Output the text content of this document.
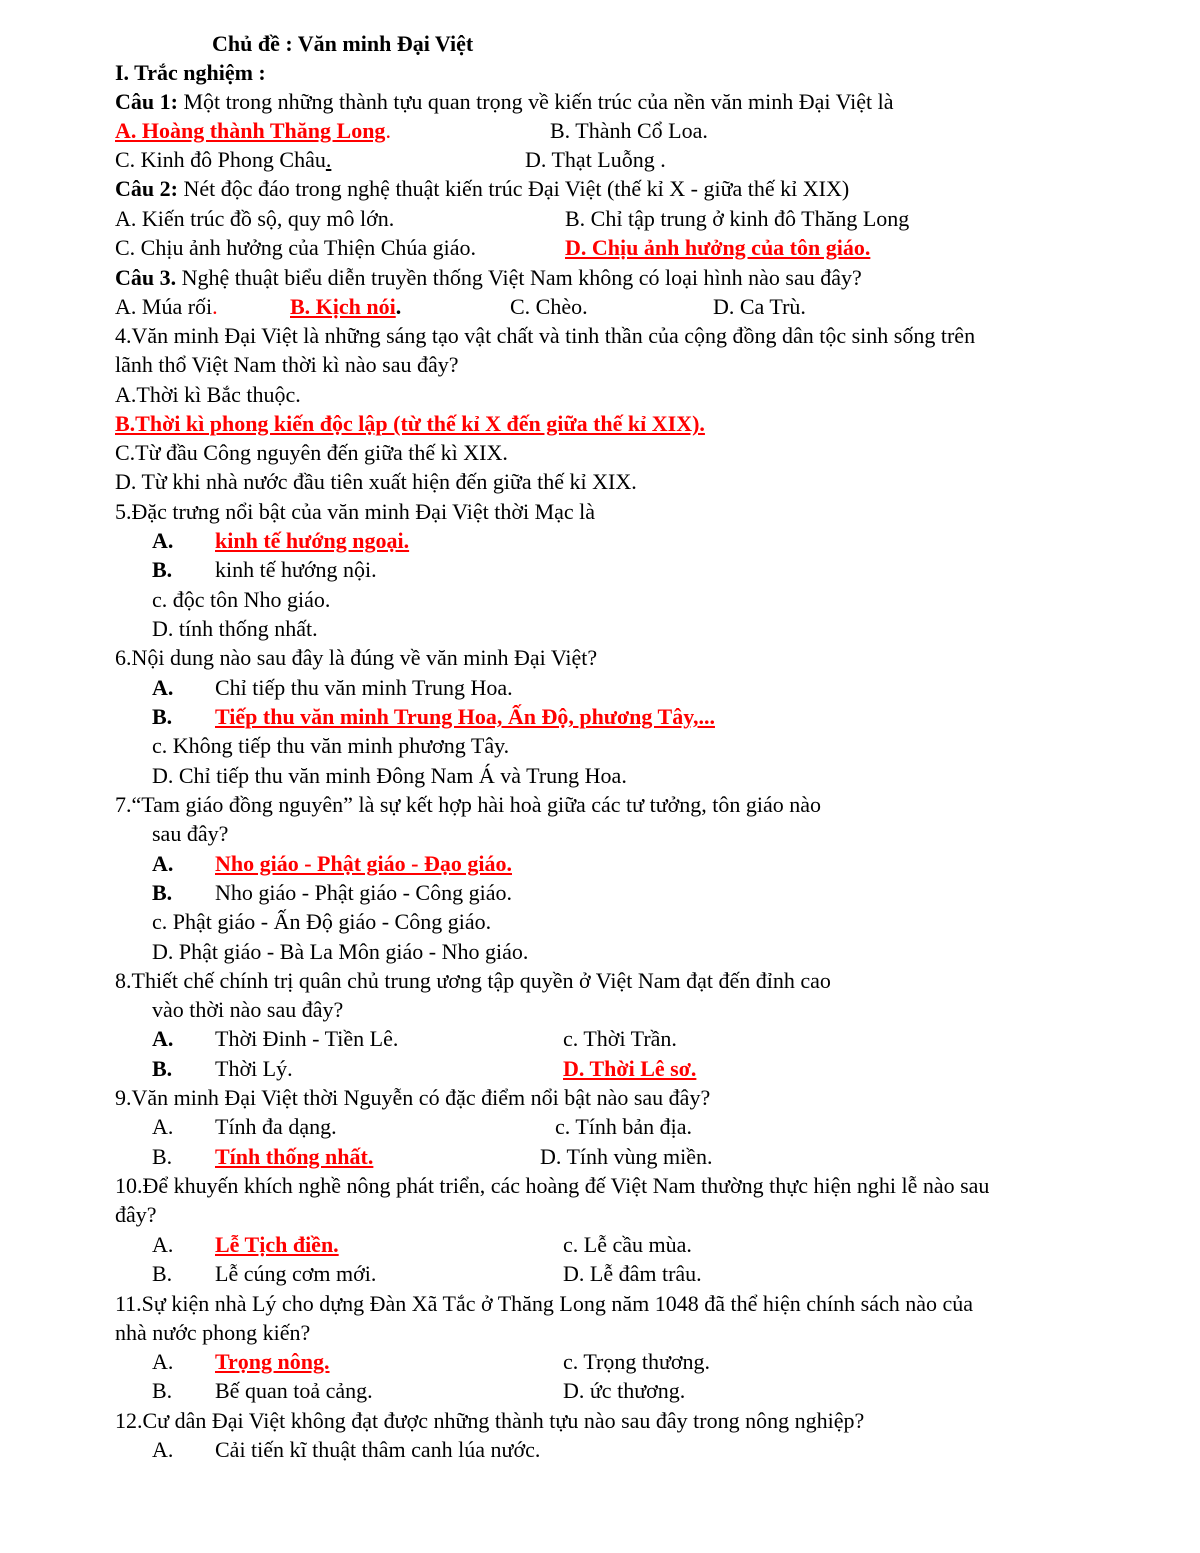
Chủ đề : Văn minh Đại Việt
I. Trắc nghiệm :
Câu 1: Một trong những thành tựu quan trọng về kiến trúc của nền văn minh Đại Việt là
A. Hoàng thành Thăng Long.	B. Thành Cổ Loa.
C. Kinh đô Phong Châu.	D. Thạt Luỗng .
Câu 2: Nét độc đáo trong nghệ thuật kiến trúc Đại Việt (thế kỉ X - giữa thế kỉ XIX)
A. Kiến trúc đồ sộ, quy mô lớn.	B. Chỉ tập trung ở kinh đô Thăng Long
C. Chịu ảnh hưởng của Thiện Chúa giáo.	D. Chịu ảnh hưởng của tôn giáo.
Câu 3. Nghệ thuật biểu diễn truyền thống Việt Nam không có loại hình nào sau đây?
A. Múa rối.	B. Kịch nói.	C. Chèo.	D. Ca Trù.
4.Văn minh Đại Việt là những sáng tạo vật chất và tinh thần của cộng đồng dân tộc sinh sống trên
lãnh thổ Việt Nam thời kì nào sau đây?
A.Thời kì Bắc thuộc.
B.Thời kì phong kiến độc lập (từ thế kỉ X đến giữa thế kỉ XIX).
C.Từ đầu Công nguyên đến giữa thế kì XIX.
D. Từ khi nhà nước đầu tiên xuất hiện đến giữa thế kỉ XIX.
5.Đặc trưng nổi bật của văn minh Đại Việt thời Mạc là
A. kinh tế hướng ngoại.
B. kinh tế hướng nội.
c. độc tôn Nho giáo.
D. tính thống nhất.
6.Nội dung nào sau đây là đúng về văn minh Đại Việt?
A. Chỉ tiếp thu văn minh Trung Hoa.
B. Tiếp thu văn minh Trung Hoa, Ấn Độ, phương Tây,...
c. Không tiếp thu văn minh phương Tây.
D. Chỉ tiếp thu văn minh Đông Nam Á và Trung Hoa.
7.“Tam giáo đồng nguyên” là sự kết hợp hài hoà giữa các tư tưởng, tôn giáo nào
sau đây?
A. Nho giáo - Phật giáo - Đạo giáo.
B. Nho giáo - Phật giáo - Công giáo.
c. Phật giáo - Ấn Độ giáo - Công giáo.
D. Phật giáo - Bà La Môn giáo - Nho giáo.
8.Thiết chế chính trị quân chủ trung ương tập quyền ở Việt Nam đạt đến đỉnh cao
vào thời nào sau đây?
A. Thời Đinh - Tiền Lê.	c. Thời Trần.
B. Thời Lý.	D. Thời Lê sơ.
9.Văn minh Đại Việt thời Nguyễn có đặc điểm nổi bật nào sau đây?
A. Tính đa dạng.	c. Tính bản địa.
B. Tính thống nhất.	D. Tính vùng miền.
10.Để khuyến khích nghề nông phát triển, các hoàng đế Việt Nam thường thực hiện nghi lễ nào sau
đây?
A. Lễ Tịch điền.	c. Lễ cầu mùa.
B. Lễ cúng cơm mới.	D. Lễ đâm trâu.
11.Sự kiện nhà Lý cho dựng Đàn Xã Tắc ở Thăng Long năm 1048 đã thể hiện chính sách nào của
nhà nước phong kiến?
A. Trọng nông.	c. Trọng thương.
B. Bế quan toả cảng.	D. ức thương.
12.Cư dân Đại Việt không đạt được những thành tựu nào sau đây trong nông nghiệp?
A. Cải tiến kĩ thuật thâm canh lúa nước.
